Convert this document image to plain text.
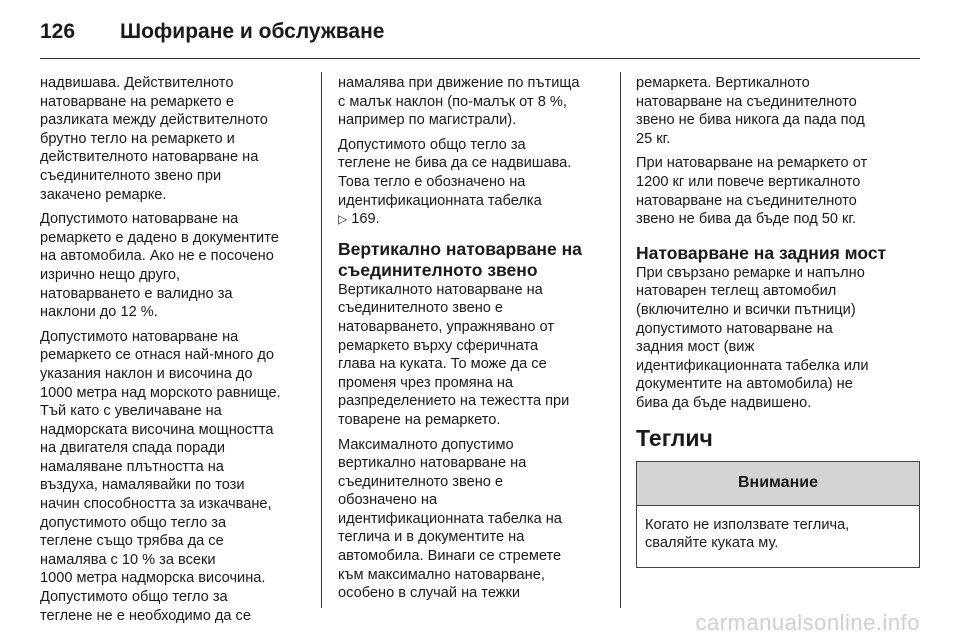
126	Шофиране и обслужване

надвишава. Действителното
натоварване на ремаркето е
разликата между действителното
брутно тегло на ремаркето и
действителното натоварване на
съединителното звено при
закачено ремарке.

Допустимото натоварване на
ремаркето е дадено в документите
на автомобила. Ако не е посочено
изрично нещо друго,
натоварването е валидно за
наклони до 12 %.

Допустимото натоварване на
ремаркето се отнася най-много до
указания наклон и височина до
1000 метра над морското равнище.
Тъй като с увеличаване на
надморската височина мощността
на двигателя спада поради
намаляване плътността на
въздуха, намалявайки по този
начин способността за изкачване,
допустимото общо тегло за
теглене също трябва да се
намалява с 10 % за всеки
1000 метра надморска височина.
Допустимото общо тегло за
теглене не е необходимо да се

намалява при движение по пътища
с малък наклон (по-малък от 8 %,
например по магистрали).

Допустимото общо тегло за
теглене не бива да се надвишава.
Това тегло е обозначено на
идентификационната табелка
▷ 169.

Вертикално натоварване на
съединителното звено

Вертикалното натоварване на
съединителното звено е
натоварването, упражнявано от
ремаркето върху сферичната
глава на куката. То може да се
променя чрез промяна на
разпределението на тежестта при
товарене на ремаркето.

Максималното допустимо
вертикално натоварване на
съединителното звено е
обозначено на
идентификационната табелка на
теглича и в документите на
автомобила. Винаги се стремете
към максимално натоварване,
особено в случай на тежки

ремаркета. Вертикалното
натоварване на съединителното
звено не бива никога да пада под
25 кг.

При натоварване на ремаркето от
1200 кг или повече вертикалното
натоварване на съединителното
звено не бива да бъде под 50 кг.

Натоварване на задния мост

При свързано ремарке и напълно
натоварен теглещ автомобил
(включително и всички пътници)
допустимото натоварване на
задния мост (виж
идентификационната табелка или
документите на автомобила) не
бива да бъде надвишено.

Теглич
Внимание
Когато не използвате теглича,
сваляйте куката му.
carmanualsonline.info
